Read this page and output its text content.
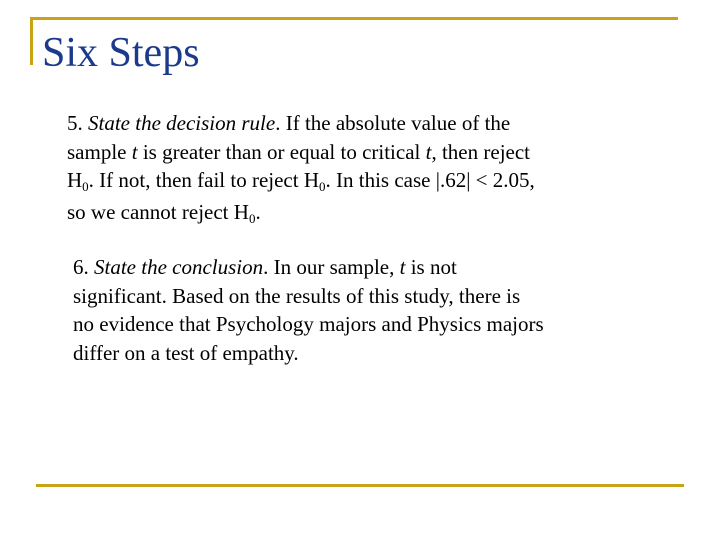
Six Steps

5. State the decision rule. If the absolute value of the
sample t is greater than or equal to critical t, then reject
$H_0$. If not, then fail to reject $H_0$. In this case |.62| < 2.05,
so we cannot reject $H_0$.

6. State the conclusion. In our sample, t is not
significant. Based on the results of this study, there is
no evidence that Psychology majors and Physics majors
differ on a test of empathy.
